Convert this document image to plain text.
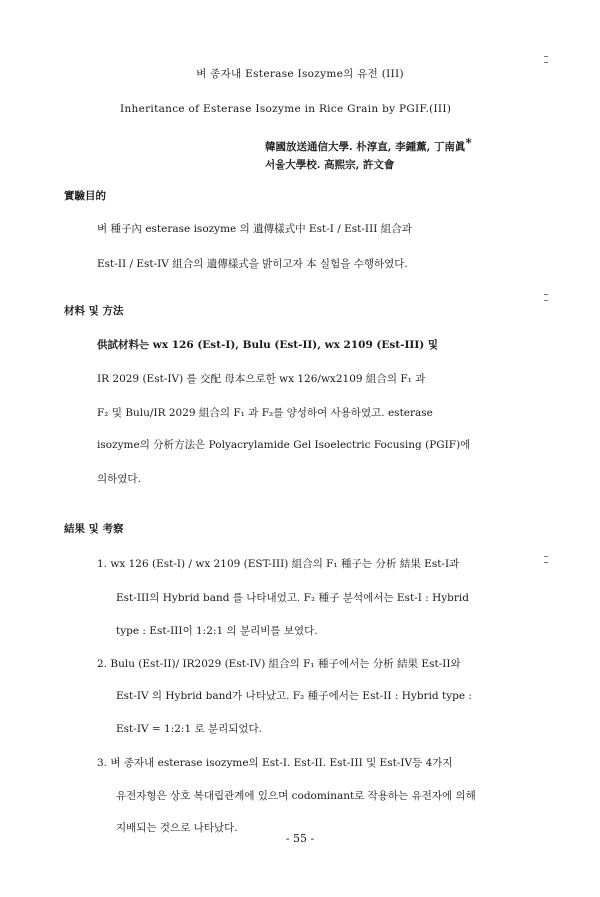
벼 종자내 Esterase Isozyme의 유전 (III)
Inheritance of Esterase Isozyme in Rice Grain by PGIF.(III)
韓國放送通信大學. 朴淳直, 李鍾薰, 丁南眞*
서울大學校. 高熙宗, 許文會
實驗目的
벼 種子內 esterase isozyme 의 遺傳樣式中 Est-I / Est-III 組合과
Est-II / Est-IV 組合의 遺傳樣式을 밝히고자 本 실험을 수행하였다.
材料 및 方法
供試材料는 wx 126 (Est-I), Bulu (Est-II), wx 2109 (Est-III) 및
IR 2029 (Est-IV) 를 交配 母本으로한 wx 126/wx2109 組合의 F₁ 과
F₂ 및 Bulu/IR 2029 組合의 F₁ 과 F₂를 양성하여 사용하였고. esterase
isozyme의 分析方法은 Polyacrylamide Gel Isoelectric Focusing (PGIF)에
의하였다.
結果 및 考察
1. wx 126 (Est-I) / wx 2109 (EST-III) 組合의 F₁ 種子는 分析 結果 Est-I과
Est-III의 Hybrid band 를 나타내었고. F₂ 種子 분석에서는 Est-I : Hybrid
type : Est-III이 1:2:1 의 분리비를 보였다.
2. Bulu (Est-II)/ IR2029 (Est-IV) 組合의 F₁ 種子에서는 分析 結果 Est-II와
Est-IV 의 Hybrid band가 나타났고. F₂ 種子에서는 Est-II : Hybrid type :
Est-IV = 1:2:1 로 분리되었다.
3. 벼 종자내 esterase isozyme의 Est-I. Est-II. Est-III 및 Est-IV등 4가지
유전자형은 상호 복대립관계에 있으며 codominant로 작용하는 유전자에 의해
지배되는 것으로 나타났다.
- 55 -
